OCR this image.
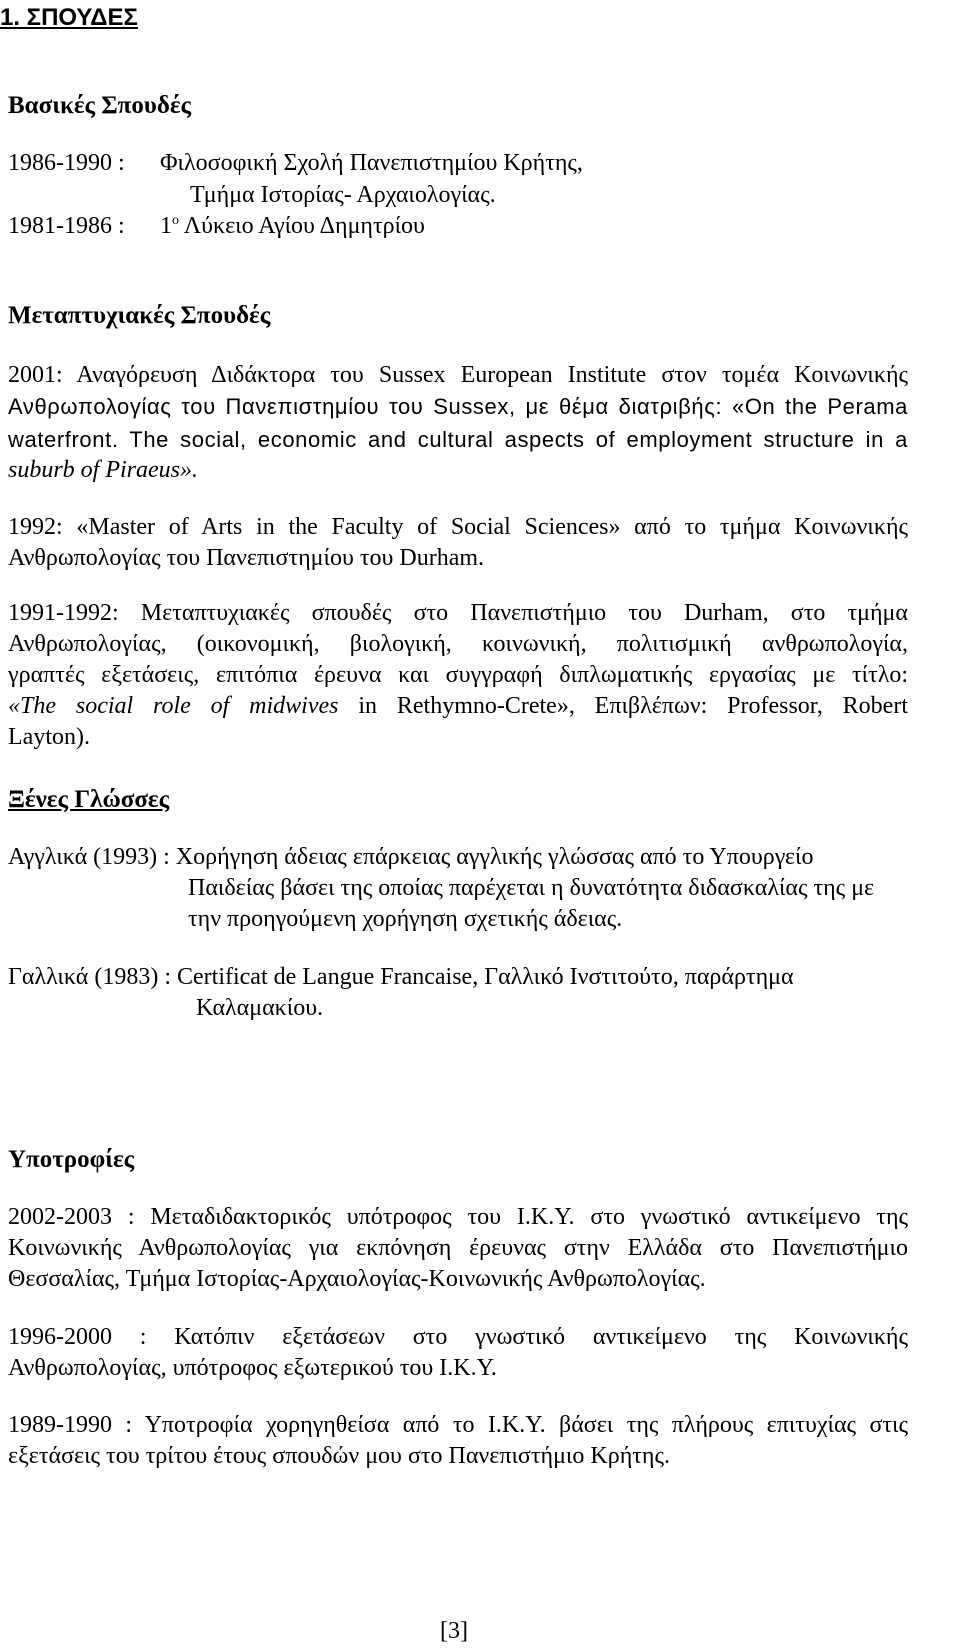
1. ΣΠΟΥΔΕΣ
Βασικές Σπουδές
1986-1990 : Φιλοσοφική Σχολή Πανεπιστημίου Κρήτης,
Τμήμα Ιστορίας- Αρχαιολογίας.
1981-1986 : $1^o$ Λύκειο Αγίου Δημητρίου
Μεταπτυχιακές Σπουδές
2001: Αναγόρευση Διδάκτορα του Sussex European Institute στον τομέα Κοινωνικής
Ανθρωπολογίας του Πανεπιστημίου του Sussex, με θέμα διατριβής: «On the Perama
waterfront. The social, economic and cultural aspects of employment structure in a
suburb of Piraeus».
1992: «Master of Arts in the Faculty of Social Sciences» από το τμήμα Κοινωνικής
Ανθρωπολογίας του Πανεπιστημίου του Durham.
1991-1992: Μεταπτυχιακές σπουδές στο Πανεπιστήμιο του Durham, στο τμήμα
Ανθρωπολογίας, (οικονομική, βιολογική, κοινωνική, πολιτισμική ανθρωπολογία,
γραπτές εξετάσεις, επιτόπια έρευνα και συγγραφή διπλωματικής εργασίας με τίτλο:
«The social role of midwives in Rethymno-Crete», Επιβλέπων: Professor, Robert
Layton).
Ξένες Γλώσσες
Αγγλικά (1993) : Χορήγηση άδειας επάρκειας αγγλικής γλώσσας από το Υπουργείο
Παιδείας βάσει της οποίας παρέχεται η δυνατότητα διδασκαλίας της με
την προηγούμενη χορήγηση σχετικής άδειας.
Γαλλικά (1983) : Certificat de Langue Francaise, Γαλλικό Ινστιτούτο, παράρτημα
Καλαμακίου.
Υποτροφίες
2002-2003 : Μεταδιδακτορικός υπότροφος του Ι.Κ.Υ. στο γνωστικό αντικείμενο της
Κοινωνικής Ανθρωπολογίας για εκπόνηση έρευνας στην Ελλάδα στο Πανεπιστήμιο
Θεσσαλίας, Τμήμα Ιστορίας-Αρχαιολογίας-Κοινωνικής Ανθρωπολογίας.
1996-2000 : Κατόπιν εξετάσεων στο γνωστικό αντικείμενο της Κοινωνικής
Ανθρωπολογίας, υπότροφος εξωτερικού του Ι.Κ.Υ.
1989-1990 : Υποτροφία χορηγηθείσα από το Ι.Κ.Υ. βάσει της πλήρους επιτυχίας στις
εξετάσεις του τρίτου έτους σπουδών μου στο Πανεπιστήμιο Κρήτης.
[3]
